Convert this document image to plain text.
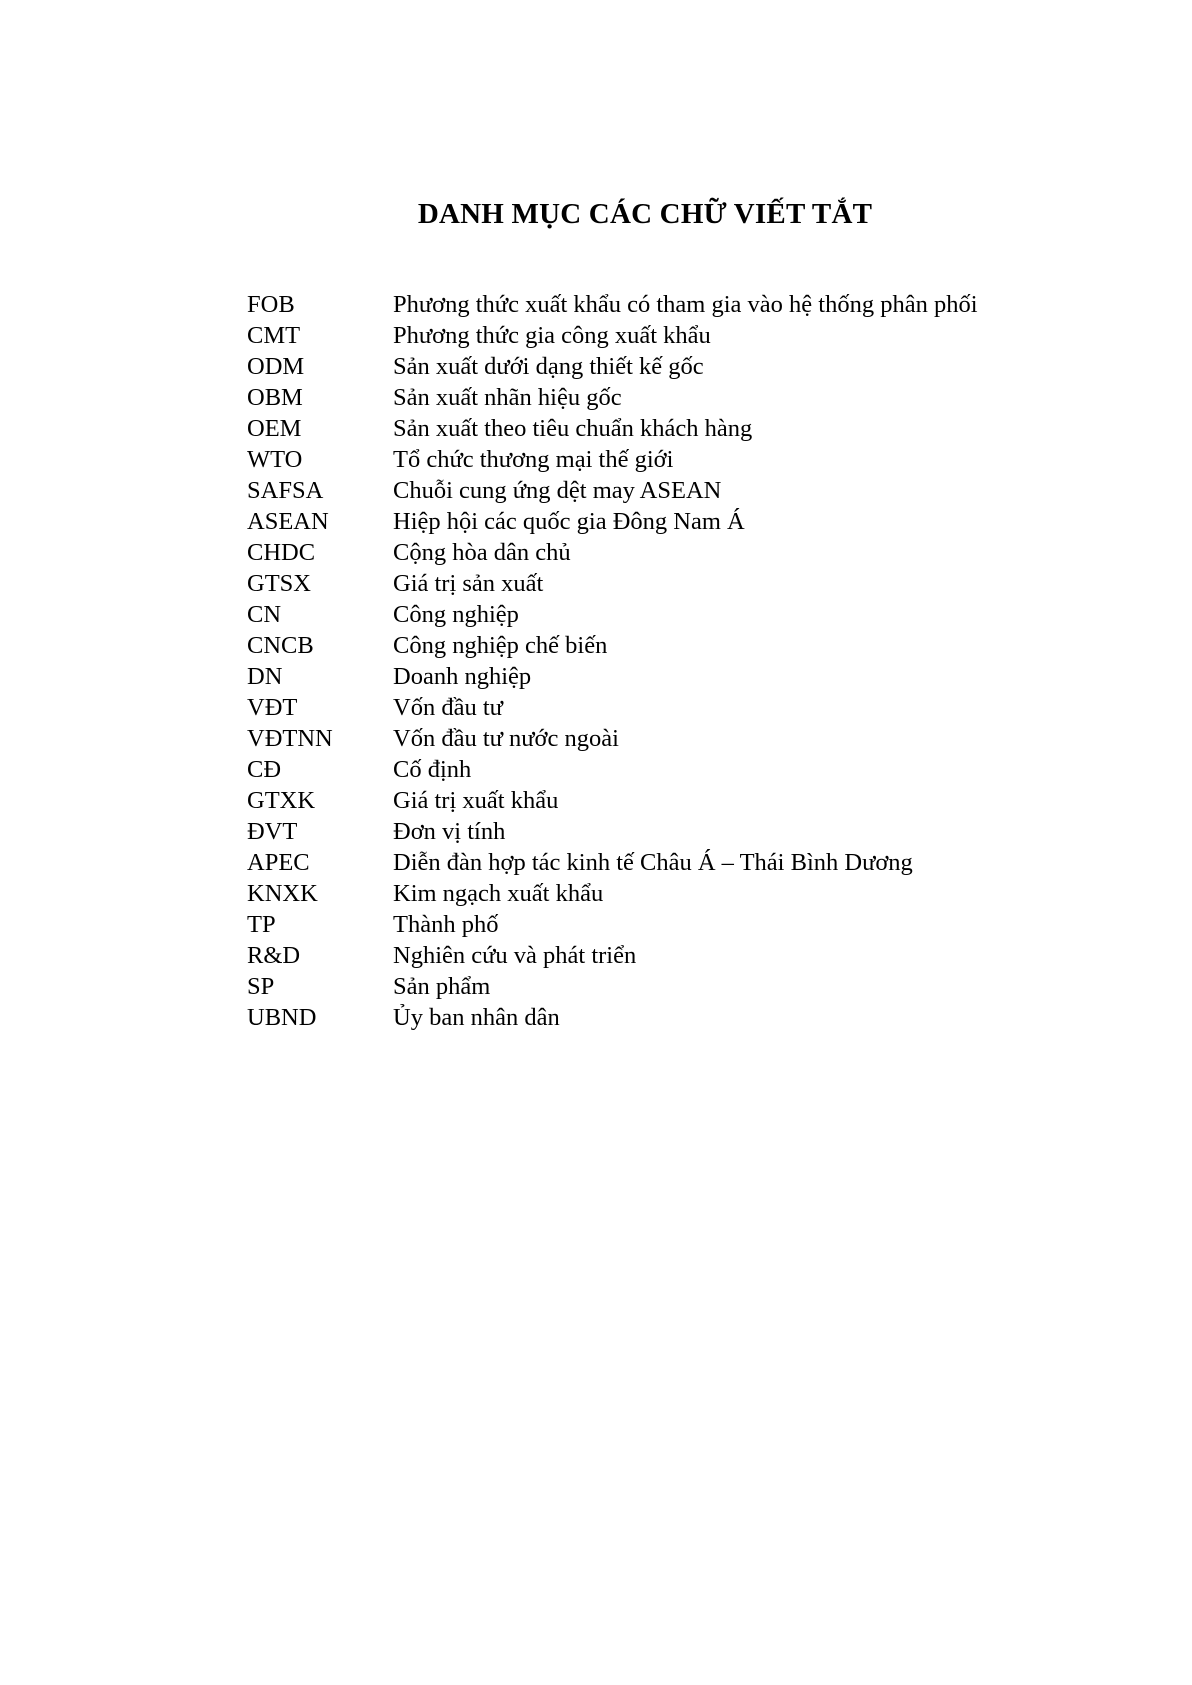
DANH MỤC CÁC CHỮ VIẾT TẮT
FOB	Phương thức xuất khẩu có tham gia vào hệ thống phân phối
CMT	Phương thức gia công xuất khẩu
ODM	Sản xuất dưới dạng thiết kế gốc
OBM	Sản xuất nhãn hiệu gốc
OEM	Sản xuất theo tiêu chuẩn khách hàng
WTO	Tổ chức thương mại thế giới
SAFSA	Chuỗi cung ứng dệt may ASEAN
ASEAN	Hiệp hội các quốc gia Đông Nam Á
CHDC	Cộng hòa dân chủ
GTSX	Giá trị sản xuất
CN	Công nghiệp
CNCB	Công nghiệp chế biến
DN	Doanh nghiệp
VĐT	Vốn đầu tư
VĐTNN Vốn đầu tư nước ngoài
CĐ	Cố định
GTXK	Giá trị xuất khẩu
ĐVT	Đơn vị tính
APEC	Diễn đàn hợp tác kinh tế Châu Á – Thái Bình Dương
KNXK	Kim ngạch xuất khẩu
TP	Thành phố
R&D	Nghiên cứu và phát triển
SP	Sản phẩm
UBND	Ủy ban nhân dân
